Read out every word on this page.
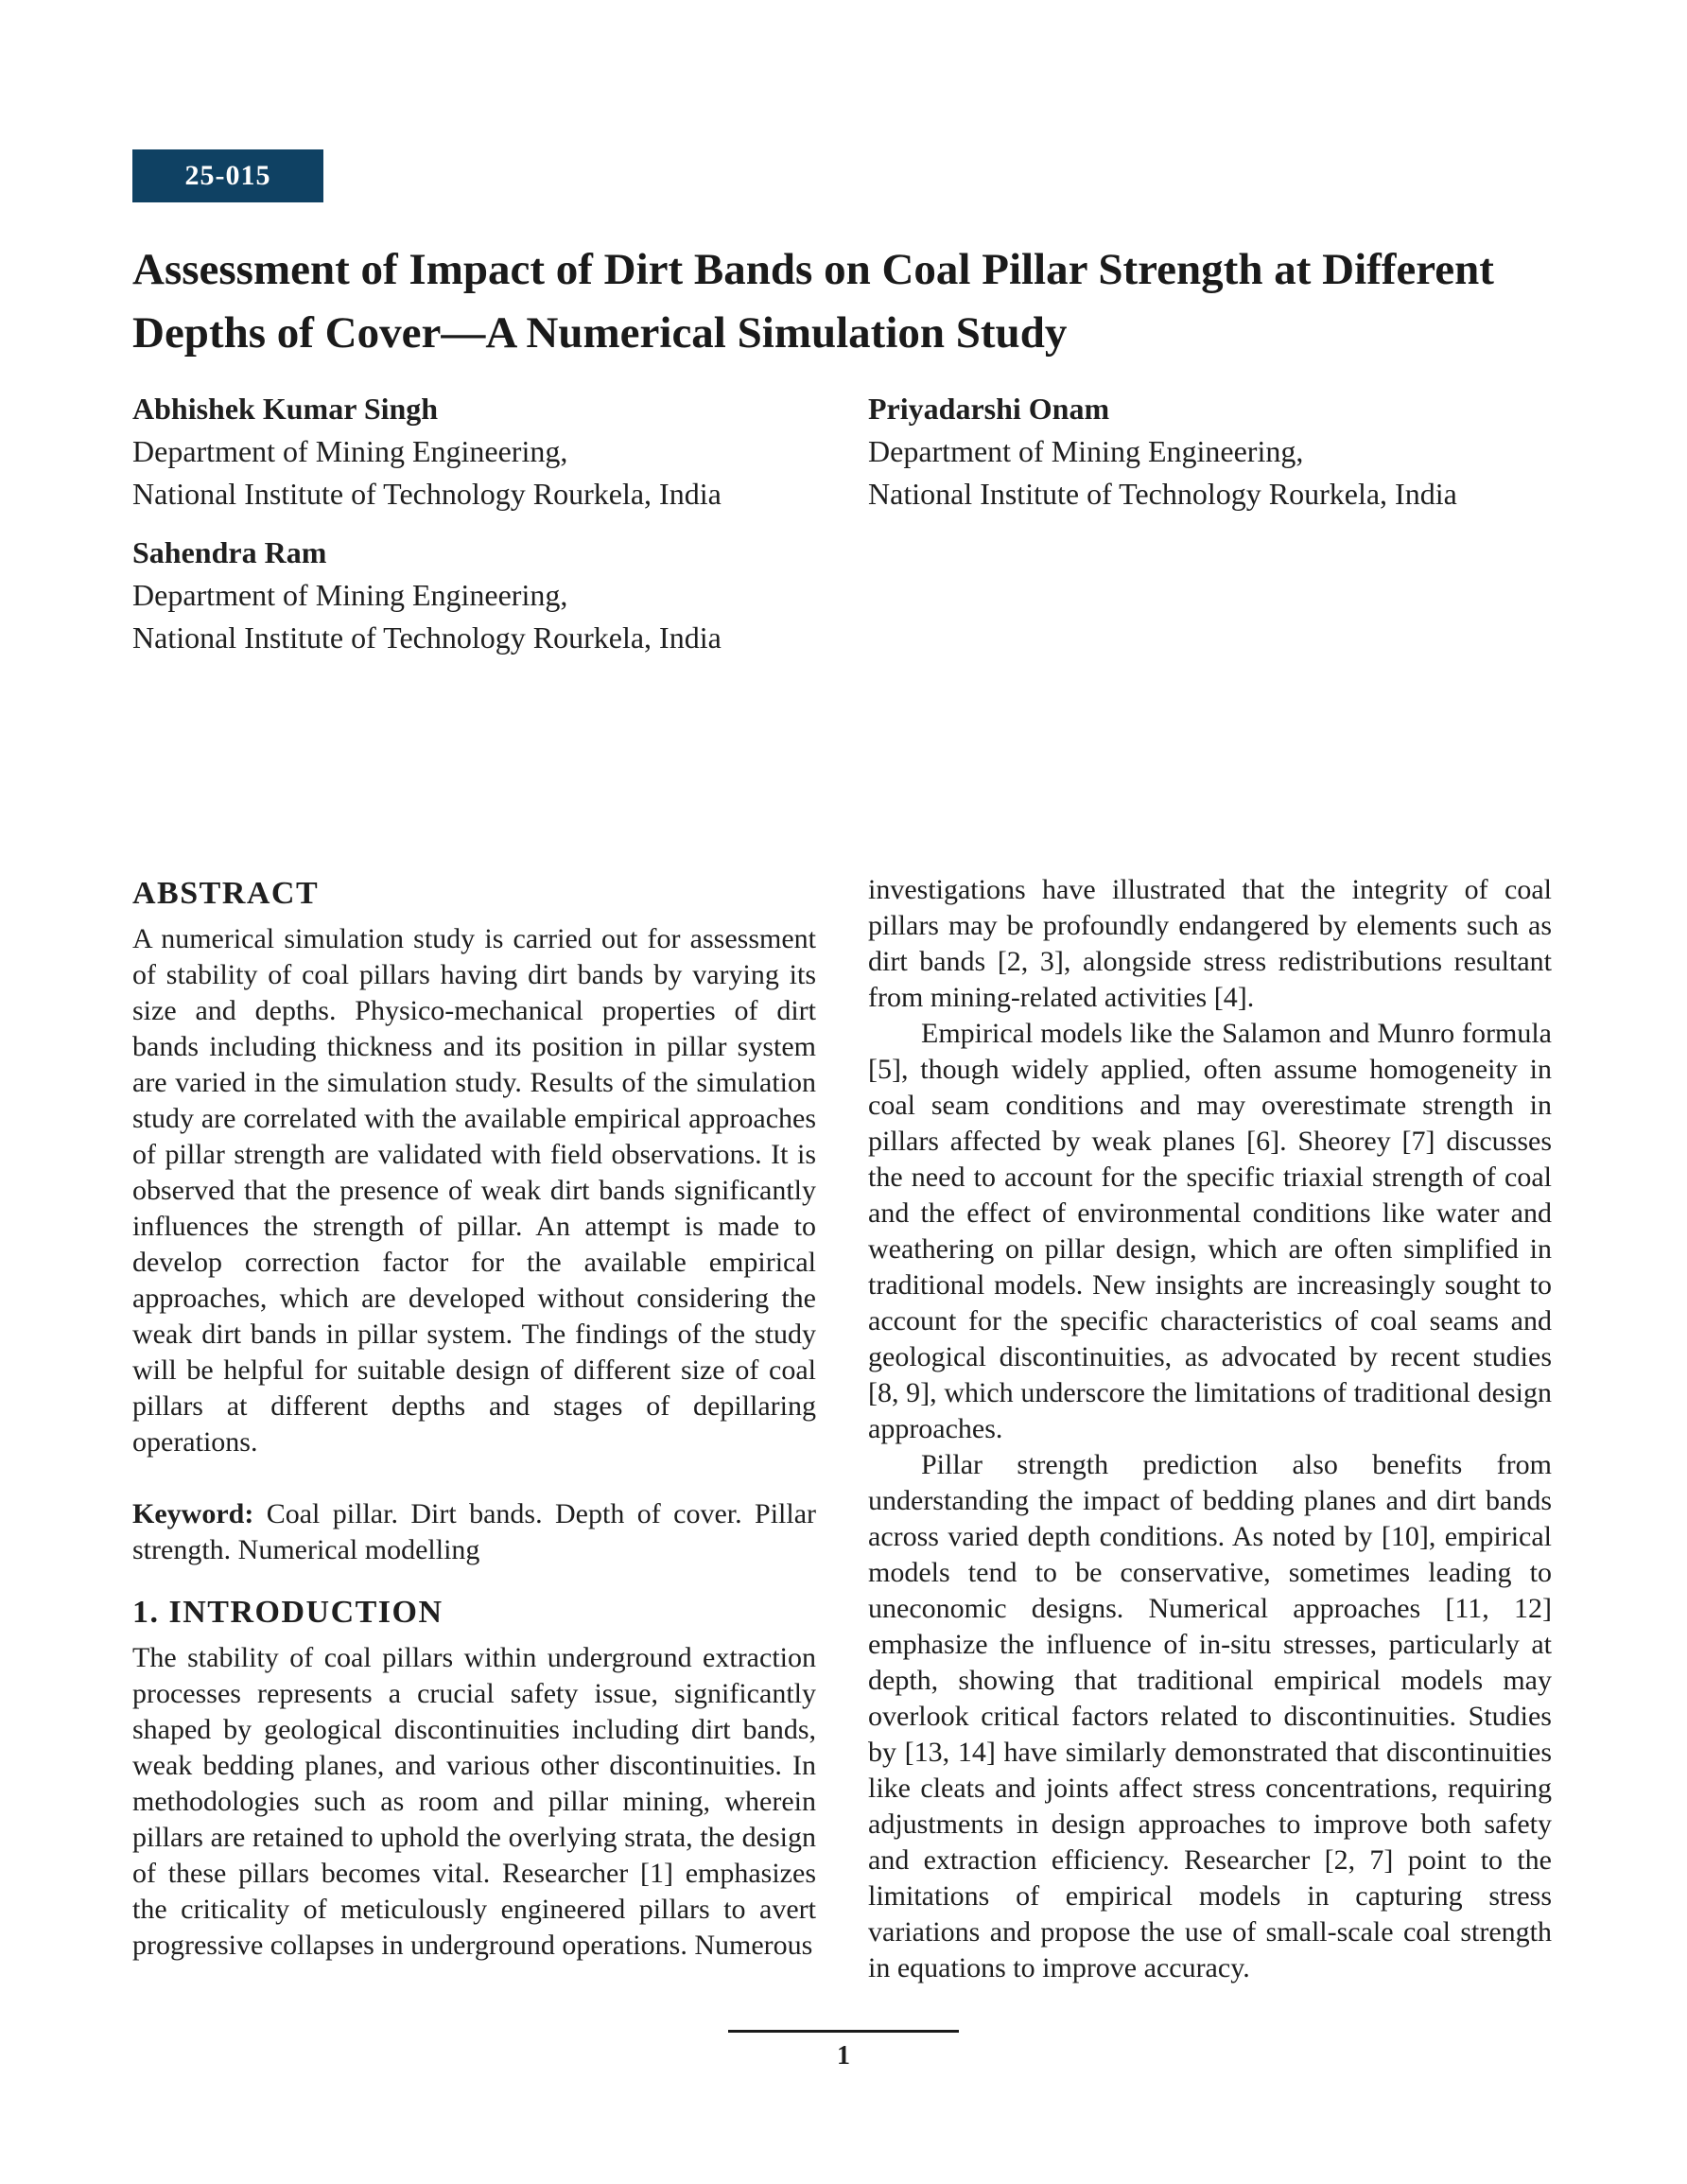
25-015
Assessment of Impact of Dirt Bands on Coal Pillar Strength at Different Depths of Cover—A Numerical Simulation Study
Abhishek Kumar Singh
Department of Mining Engineering,
National Institute of Technology Rourkela, India
Priyadarshi Onam
Department of Mining Engineering,
National Institute of Technology Rourkela, India
Sahendra Ram
Department of Mining Engineering,
National Institute of Technology Rourkela, India
ABSTRACT

A numerical simulation study is carried out for assessment of stability of coal pillars having dirt bands by varying its size and depths. Physico-mechanical properties of dirt bands including thickness and its position in pillar system are varied in the simulation study. Results of the simulation study are correlated with the available empirical approaches of pillar strength are validated with field observations. It is observed that the presence of weak dirt bands significantly influences the strength of pillar. An attempt is made to develop correction factor for the available empirical approaches, which are developed without considering the weak dirt bands in pillar system. The findings of the study will be helpful for suitable design of different size of coal pillars at different depths and stages of depillaring operations.

Keyword: Coal pillar. Dirt bands. Depth of cover. Pillar strength. Numerical modelling

1. INTRODUCTION

The stability of coal pillars within underground extraction processes represents a crucial safety issue, significantly shaped by geological discontinuities including dirt bands, weak bedding planes, and various other discontinuities. In methodologies such as room and pillar mining, wherein pillars are retained to uphold the overlying strata, the design of these pillars becomes vital. Researcher [1] emphasizes the criticality of meticulously engineered pillars to avert progressive collapses in underground operations. Numerous

investigations have illustrated that the integrity of coal pillars may be profoundly endangered by elements such as dirt bands [2, 3], alongside stress redistributions resultant from mining-related activities [4].

Empirical models like the Salamon and Munro formula [5], though widely applied, often assume homogeneity in coal seam conditions and may overestimate strength in pillars affected by weak planes [6]. Sheorey [7] discusses the need to account for the specific triaxial strength of coal and the effect of environmental conditions like water and weathering on pillar design, which are often simplified in traditional models. New insights are increasingly sought to account for the specific characteristics of coal seams and geological discontinuities, as advocated by recent studies [8, 9], which underscore the limitations of traditional design approaches.

Pillar strength prediction also benefits from understanding the impact of bedding planes and dirt bands across varied depth conditions. As noted by [10], empirical models tend to be conservative, sometimes leading to uneconomic designs. Numerical approaches [11, 12] emphasize the influence of in-situ stresses, particularly at depth, showing that traditional empirical models may overlook critical factors related to discontinuities. Studies by [13, 14] have similarly demonstrated that discontinuities like cleats and joints affect stress concentrations, requiring adjustments in design approaches to improve both safety and extraction efficiency. Researcher [2, 7] point to the limitations of empirical models in capturing stress variations and propose the use of small-scale coal strength in equations to improve accuracy.

1
